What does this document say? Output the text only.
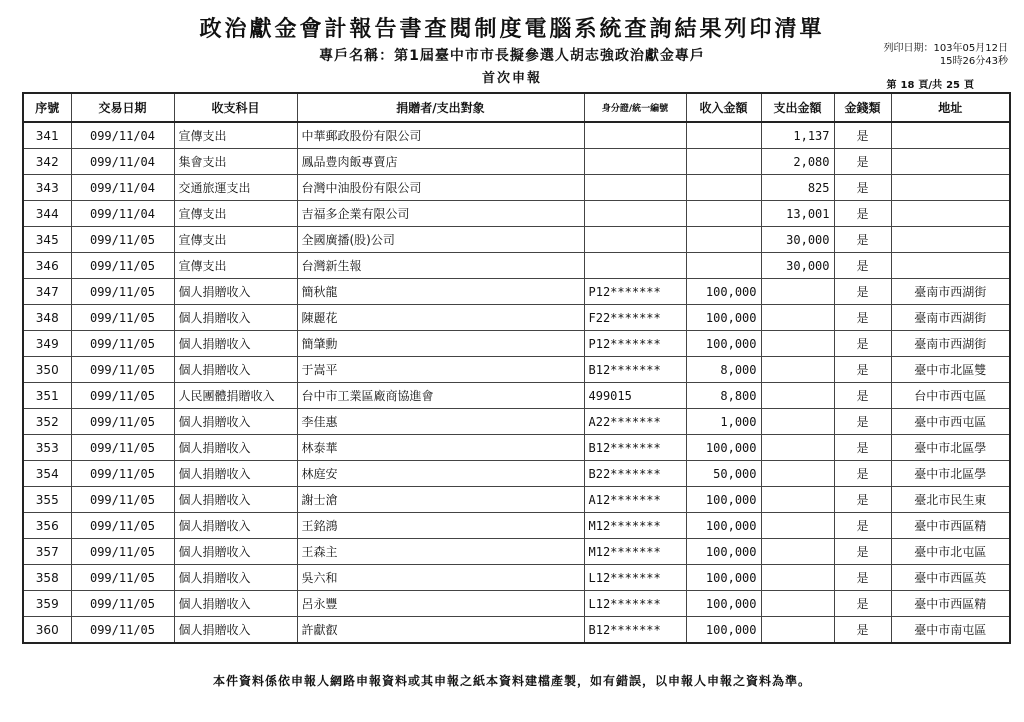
政治獻金會計報告書查閱制度電腦系統查詢結果列印清單
專戶名稱：第1屆臺中市市長擬參選人胡志強政治獻金專戶
首次申報
列印日期：103年05月12日
15時26分43秒
第 18 頁/共 25 頁
序號	交易日期	收支科目	捐贈者/支出對象	身分證/統一編號	收入金額	支出金額	金錢類	地址
341	099/11/04	宣傳支出	中華郵政股份有限公司			1,137	是	
342	099/11/04	集會支出	鳳品豊肉飯專賣店			2,080	是	
343	099/11/04	交通旅運支出	台灣中油股份有限公司			825	是	
344	099/11/04	宣傳支出	吉福多企業有限公司			13,001	是	
345	099/11/05	宣傳支出	全國廣播(股)公司			30,000	是	
346	099/11/05	宣傳支出	台灣新生報			30,000	是	
347	099/11/05	個人捐贈收入	簡秋龍	P12*******	100,000		是	臺南市西湖街
348	099/11/05	個人捐贈收入	陳麗花	F22*******	100,000		是	臺南市西湖街
349	099/11/05	個人捐贈收入	簡肇勳	P12*******	100,000		是	臺南市西湖街
350	099/11/05	個人捐贈收入	于嵩平	B12*******	8,000		是	臺中市北區雙
351	099/11/05	人民團體捐贈收入	台中市工業區廠商協進會	499015	8,800		是	台中市西屯區
352	099/11/05	個人捐贈收入	李佳惠	A22*******	1,000		是	臺中市西屯區
353	099/11/05	個人捐贈收入	林泰華	B12*******	100,000		是	臺中市北區學
354	099/11/05	個人捐贈收入	林庭安	B22*******	50,000		是	臺中市北區學
355	099/11/05	個人捐贈收入	謝士滄	A12*******	100,000		是	臺北市民生東
356	099/11/05	個人捐贈收入	王銘鴻	M12*******	100,000		是	臺中市西區精
357	099/11/05	個人捐贈收入	王森主	M12*******	100,000		是	臺中市北屯區
358	099/11/05	個人捐贈收入	吳六和	L12*******	100,000		是	臺中市西區英
359	099/11/05	個人捐贈收入	呂永豐	L12*******	100,000		是	臺中市西區精
360	099/11/05	個人捐贈收入	許獻叡	B12*******	100,000		是	臺中市南屯區
本件資料係依申報人網路申報資料或其申報之紙本資料建檔產製，如有錯誤，以申報人申報之資料為準。
